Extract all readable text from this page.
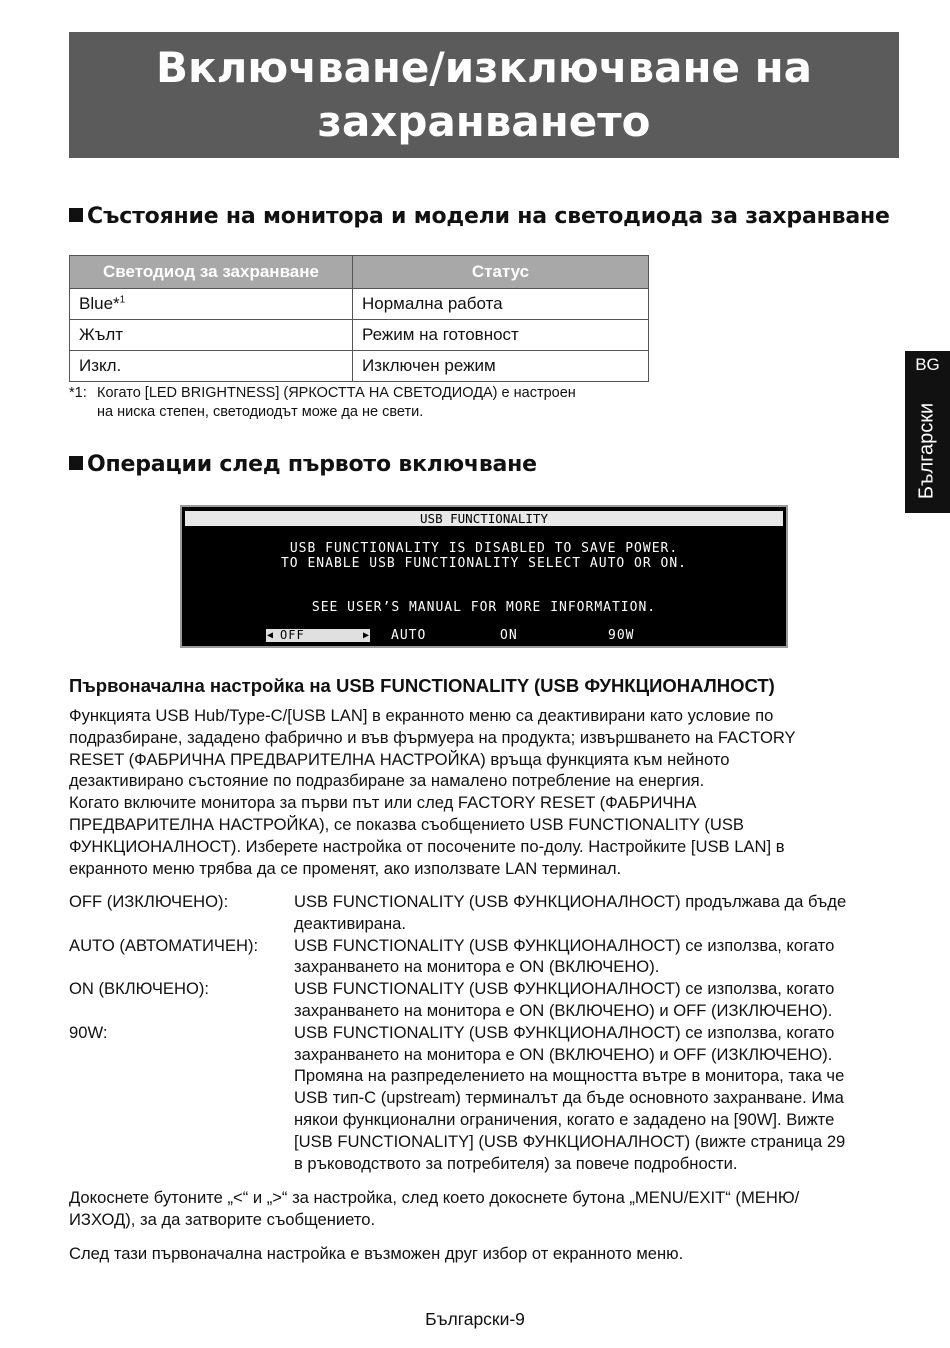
Включване/изключване на
захранването
Състояние на монитора и модели на светодиода за захранване
Светодиод за захранване	Статус
Blue*$^1$	Нормална работа
Жълт	Режим на готовност
Изкл.	Изключен режим
*1: Когато [LED BRIGHTNESS] (ЯРКОСТТА НА СВЕТОДИОДА) е настроен
на ниска степен, светодиодът може да не свети.
Операции след първото включване
USB FUNCTIONALITY
USB FUNCTIONALITY IS DISABLED TO SAVE POWER.
TO ENABLE USB FUNCTIONALITY SELECT AUTO OR ON.
SEE USER’S MANUAL FOR MORE INFORMATION.
◀ OFF	▶ AUTO	ON	90W
Първоначална настройка на USB FUNCTIONALITY (USB ФУНКЦИОНАЛНОСТ)
Функцията USB Hub/Type-C/[USB LAN] в екранното меню са деактивирани като условие по
подразбиране, зададено фабрично и във фърмуера на продукта; извършването на FACTORY
RESET (ФАБРИЧНА ПРЕДВАРИТЕЛНА НАСТРОЙКА) връща функцията към нейното
дезактивирано състояние по подразбиране за намалено потребление на енергия.
Когато включите монитора за първи път или след FACTORY RESET (ФАБРИЧНА
ПРЕДВАРИТЕЛНА НАСТРОЙКА), се показва съобщението USB FUNCTIONALITY (USB
ФУНКЦИОНАЛНОСТ). Изберете настройка от посочените по-долу. Настройките [USB LAN] в
екранното меню трябва да се променят, ако използвате LAN терминал.
OFF (ИЗКЛЮЧЕНО):	USB FUNCTIONALITY (USB ФУНКЦИОНАЛНОСТ) продължава да бъде
деактивирана.
AUTO (АВТОМАТИЧЕН):	USB FUNCTIONALITY (USB ФУНКЦИОНАЛНОСТ) се използва, когато
захранването на монитора е ON (ВКЛЮЧЕНО).
ON (ВКЛЮЧЕНО):	USB FUNCTIONALITY (USB ФУНКЦИОНАЛНОСТ) се използва, когато
захранването на монитора е ON (ВКЛЮЧЕНО) и OFF (ИЗКЛЮЧЕНО).
90W:	USB FUNCTIONALITY (USB ФУНКЦИОНАЛНОСТ) се използва, когато
захранването на монитора е ON (ВКЛЮЧЕНО) и OFF (ИЗКЛЮЧЕНО).
Промяна на разпределението на мощността вътре в монитора, така че
USB тип-C (upstream) терминалът да бъде основното захранване. Има
някои функционални ограничения, когато е зададено на [90W]. Вижте
[USB FUNCTIONALITY] (USB ФУНКЦИОНАЛНОСТ) (вижте страница 29
в ръководството за потребителя) за повече подробности.
Докоснете бутоните „<“ и „>“ за настройка, след което докоснете бутона „MENU/EXIT“ (МЕНЮ/
ИЗХОД), за да затворите съобщението.
След тази първоначална настройка е възможен друг избор от екранното меню.
BG
Български
Български-9
